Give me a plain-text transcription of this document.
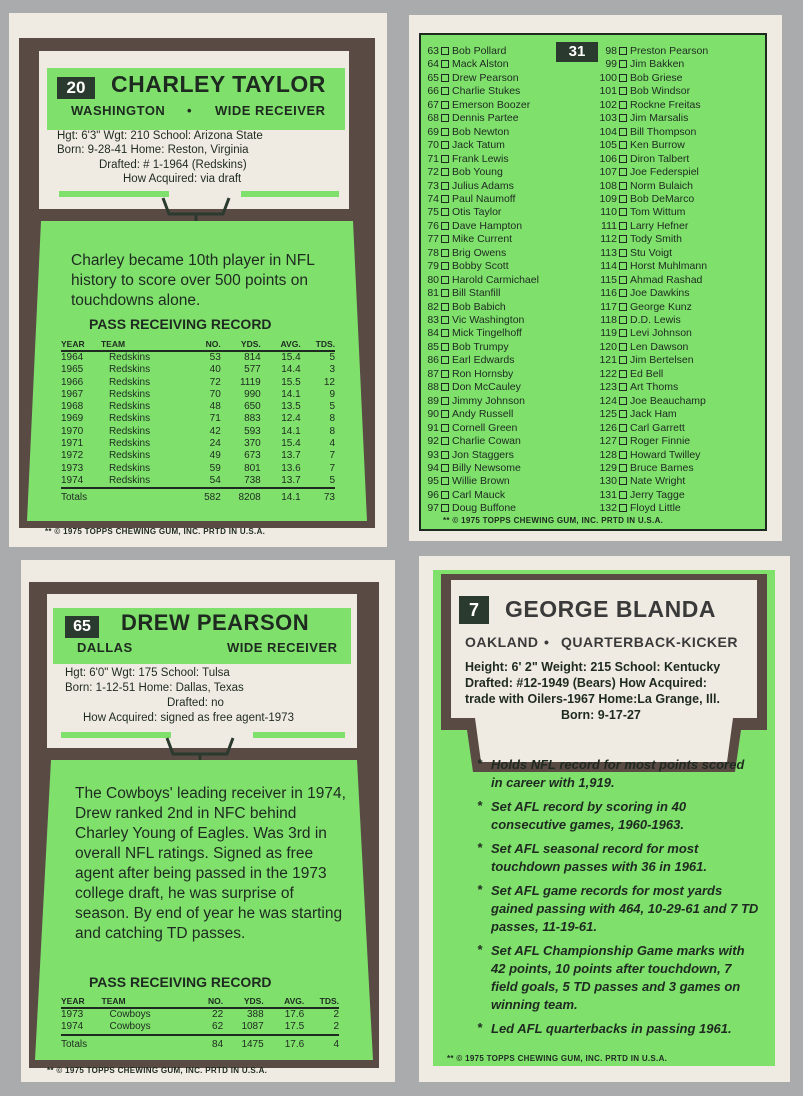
20	CHARLEY TAYLOR
WASHINGTON • WIDE RECEIVER
Hgt: 6'3" Wgt: 210 School: Arizona State
Born: 9-28-41 Home: Reston, Virginia
Drafted: # 1-1964 (Redskins)
How Acquired: via draft
Charley became 10th player in NFL history to score over 500 points on touchdowns alone.
PASS RECEIVING RECORD
YEAR	TEAM	NO.	YDS.	AVG.	TDS.
1964	Redskins	53	814	15.4	5
1965	Redskins	40	577	14.4	3
1966	Redskins	72	1119	15.5	12
1967	Redskins	70	990	14.1	9
1968	Redskins	48	650	13.5	5
1969	Redskins	71	883	12.4	8
1970	Redskins	42	593	14.1	8
1971	Redskins	24	370	15.4	4
1972	Redskins	49	673	13.7	7
1973	Redskins	59	801	13.6	7
1974	Redskins	54	738	13.7	5
Totals		582	8208	14.1	73
** © 1975 TOPPS CHEWING GUM, INC. PRTD IN U.S.A.
31
63 Bob Pollard
64 Mack Alston
65 Drew Pearson
66 Charlie Stukes
67 Emerson Boozer
68 Dennis Partee
69 Bob Newton
70 Jack Tatum
71 Frank Lewis
72 Bob Young
73 Julius Adams
74 Paul Naumoff
75 Otis Taylor
76 Dave Hampton
77 Mike Current
78 Brig Owens
79 Bobby Scott
80 Harold Carmichael
81 Bill Stanfill
82 Bob Babich
83 Vic Washington
84 Mick Tingelhoff
85 Bob Trumpy
86 Earl Edwards
87 Ron Hornsby
88 Don McCauley
89 Jimmy Johnson
90 Andy Russell
91 Cornell Green
92 Charlie Cowan
93 Jon Staggers
94 Billy Newsome
95 Willie Brown
96 Carl Mauck
97 Doug Buffone
98 Preston Pearson
99 Jim Bakken
100 Bob Griese
101 Bob Windsor
102 Rockne Freitas
103 Jim Marsalis
104 Bill Thompson
105 Ken Burrow
106 Diron Talbert
107 Joe Federspiel
108 Norm Bulaich
109 Bob DeMarco
110 Tom Wittum
111 Larry Hefner
112 Tody Smith
113 Stu Voigt
114 Horst Muhlmann
115 Ahmad Rashad
116 Joe Dawkins
117 George Kunz
118 D.D. Lewis
119 Levi Johnson
120 Len Dawson
121 Jim Bertelsen
122 Ed Bell
123 Art Thoms
124 Joe Beauchamp
125 Jack Ham
126 Carl Garrett
127 Roger Finnie
128 Howard Twilley
129 Bruce Barnes
130 Nate Wright
131 Jerry Tagge
132 Floyd Little
** © 1975 TOPPS CHEWING GUM, INC. PRTD IN U.S.A.
65	DREW PEARSON
DALLAS	WIDE RECEIVER
Hgt: 6'0" Wgt: 175 School: Tulsa
Born: 1-12-51 Home: Dallas, Texas
Drafted: no
How Acquired: signed as free agent-1973
The Cowboys' leading receiver in 1974, Drew ranked 2nd in NFC behind Charley Young of Eagles. Was 3rd in overall NFL ratings. Signed as free agent after being passed in the 1973 college draft, he was surprise of season. By end of year he was starting and catching TD passes.
PASS RECEIVING RECORD
YEAR	TEAM	NO.	YDS.	AVG.	TDS.
1973	Cowboys	22	388	17.6	2
1974	Cowboys	62	1087	17.5	2
Totals		84	1475	17.6	4
** © 1975 TOPPS CHEWING GUM, INC. PRTD IN U.S.A.
7	GEORGE BLANDA
OAKLAND • QUARTERBACK-KICKER
Height: 6' 2" Weight: 215 School: Kentucky
Drafted: #12-1949 (Bears) How Acquired:
trade with Oilers-1967 Home:La Grange, Ill.
Born: 9-17-27
* Holds NFL record for most points scored in career with 1,919.
* Set AFL record by scoring in 40 consecutive games, 1960-1963.
* Set AFL seasonal record for most touchdown passes with 36 in 1961.
* Set AFL game records for most yards gained passing with 464, 10-29-61 and 7 TD passes, 11-19-61.
* Set AFL Championship Game marks with 42 points, 10 points after touchdown, 7 field goals, 5 TD passes and 3 games on winning team.
* Led AFL quarterbacks in passing 1961.
** © 1975 TOPPS CHEWING GUM, INC. PRTD IN U.S.A.
